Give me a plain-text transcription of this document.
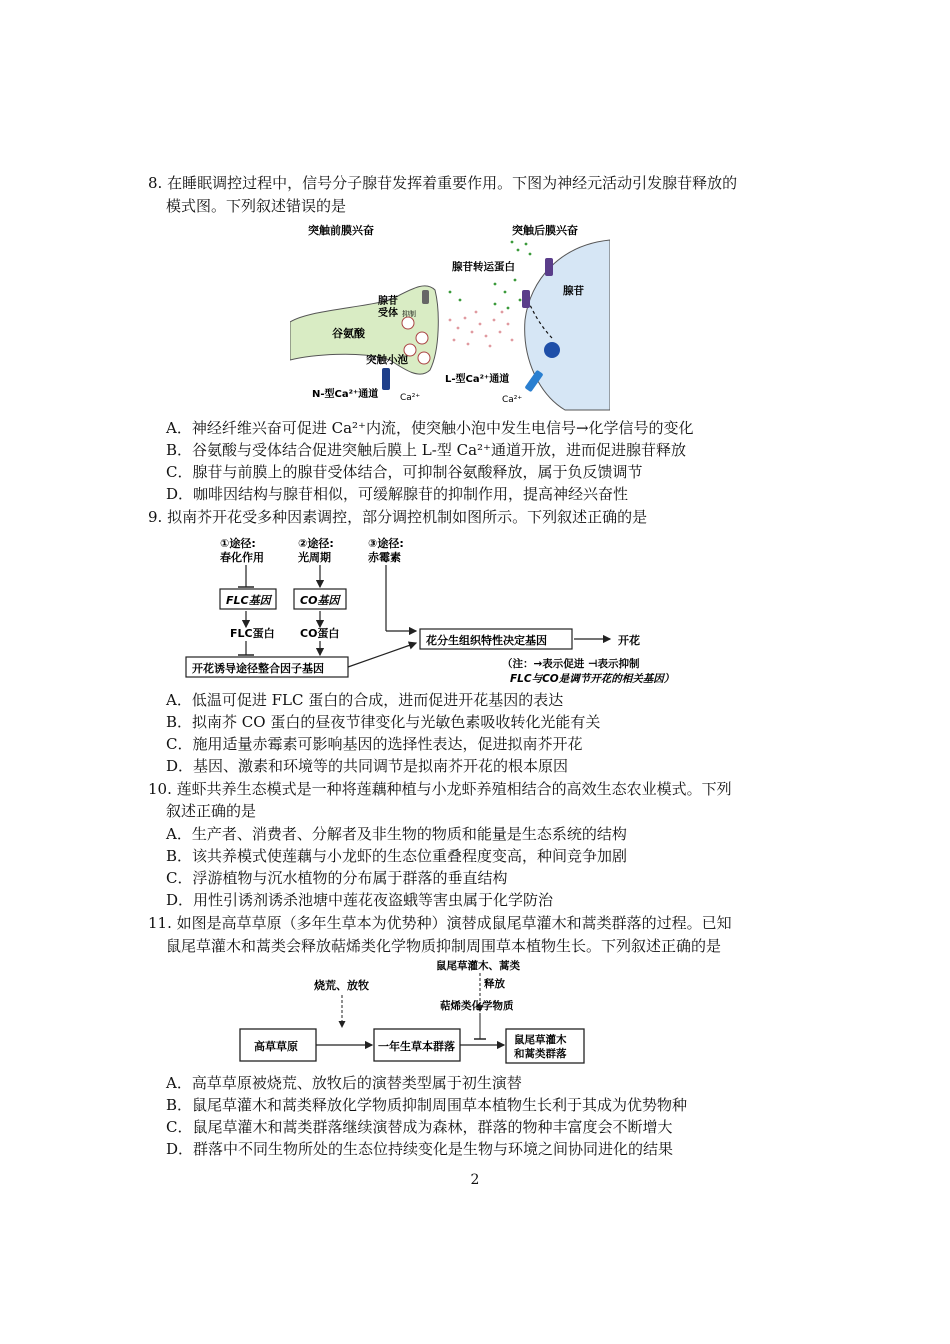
8. 在睡眠调控过程中，信号分子腺苷发挥着重要作用。下图为神经元活动引发腺苷释放的
模式图。下列叙述错误的是
突触前膜兴奋	突触后膜兴奋
腺苷转运蛋白
腺苷
腺苷
受体 抑制
谷氨酸
突触小泡
N-型Ca²⁺通道 Ca²⁺
L-型Ca²⁺通道
Ca²⁺
A．神经纤维兴奋可促进 Ca²⁺内流，使突触小泡中发生电信号→化学信号的变化
B．谷氨酸与受体结合促进突触后膜上 L-型 Ca²⁺通道开放，进而促进腺苷释放
C．腺苷与前膜上的腺苷受体结合，可抑制谷氨酸释放，属于负反馈调节
D．咖啡因结构与腺苷相似，可缓解腺苷的抑制作用，提高神经兴奋性
9. 拟南芥开花受多种因素调控，部分调控机制如图所示。下列叙述正确的是
①途径:
春化作用
②途径:
光周期
③途径:
赤霉素
FLC基因	CO基因
FLC蛋白 CO蛋白
开花诱导途径整合因子基因
花分生组织特性决定基因	开花
（注：→表示促进 ⊣表示抑制
FLC与CO是调节开花的相关基因）
A．低温可促进 FLC 蛋白的合成，进而促进开花基因的表达
B．拟南芥 CO 蛋白的昼夜节律变化与光敏色素吸收转化光能有关
C．施用适量赤霉素可影响基因的选择性表达，促进拟南芥开花
D．基因、激素和环境等的共同调节是拟南芥开花的根本原因
10. 莲虾共养生态模式是一种将莲藕种植与小龙虾养殖相结合的高效生态农业模式。下列
叙述正确的是
A．生产者、消费者、分解者及非生物的物质和能量是生态系统的结构
B．该共养模式使莲藕与小龙虾的生态位重叠程度变高，种间竞争加剧
C．浮游植物与沉水植物的分布属于群落的垂直结构
D．用性引诱剂诱杀池塘中莲花夜盗蛾等害虫属于化学防治
11. 如图是高草草原（多年生草本为优势种）演替成鼠尾草灌木和蒿类群落的过程。已知
鼠尾草灌木和蒿类会释放萜烯类化学物质抑制周围草本植物生长。下列叙述正确的是
鼠尾草灌木、蒿类
释放
萜烯类化学物质
烧荒、放牧
高草草原	一年生草本群落	鼠尾草灌木
和蒿类群落
A．高草草原被烧荒、放牧后的演替类型属于初生演替
B．鼠尾草灌木和蒿类释放化学物质抑制周围草本植物生长利于其成为优势物种
C．鼠尾草灌木和蒿类群落继续演替成为森林，群落的物种丰富度会不断增大
D．群落中不同生物所处的生态位持续变化是生物与环境之间协同进化的结果
2
